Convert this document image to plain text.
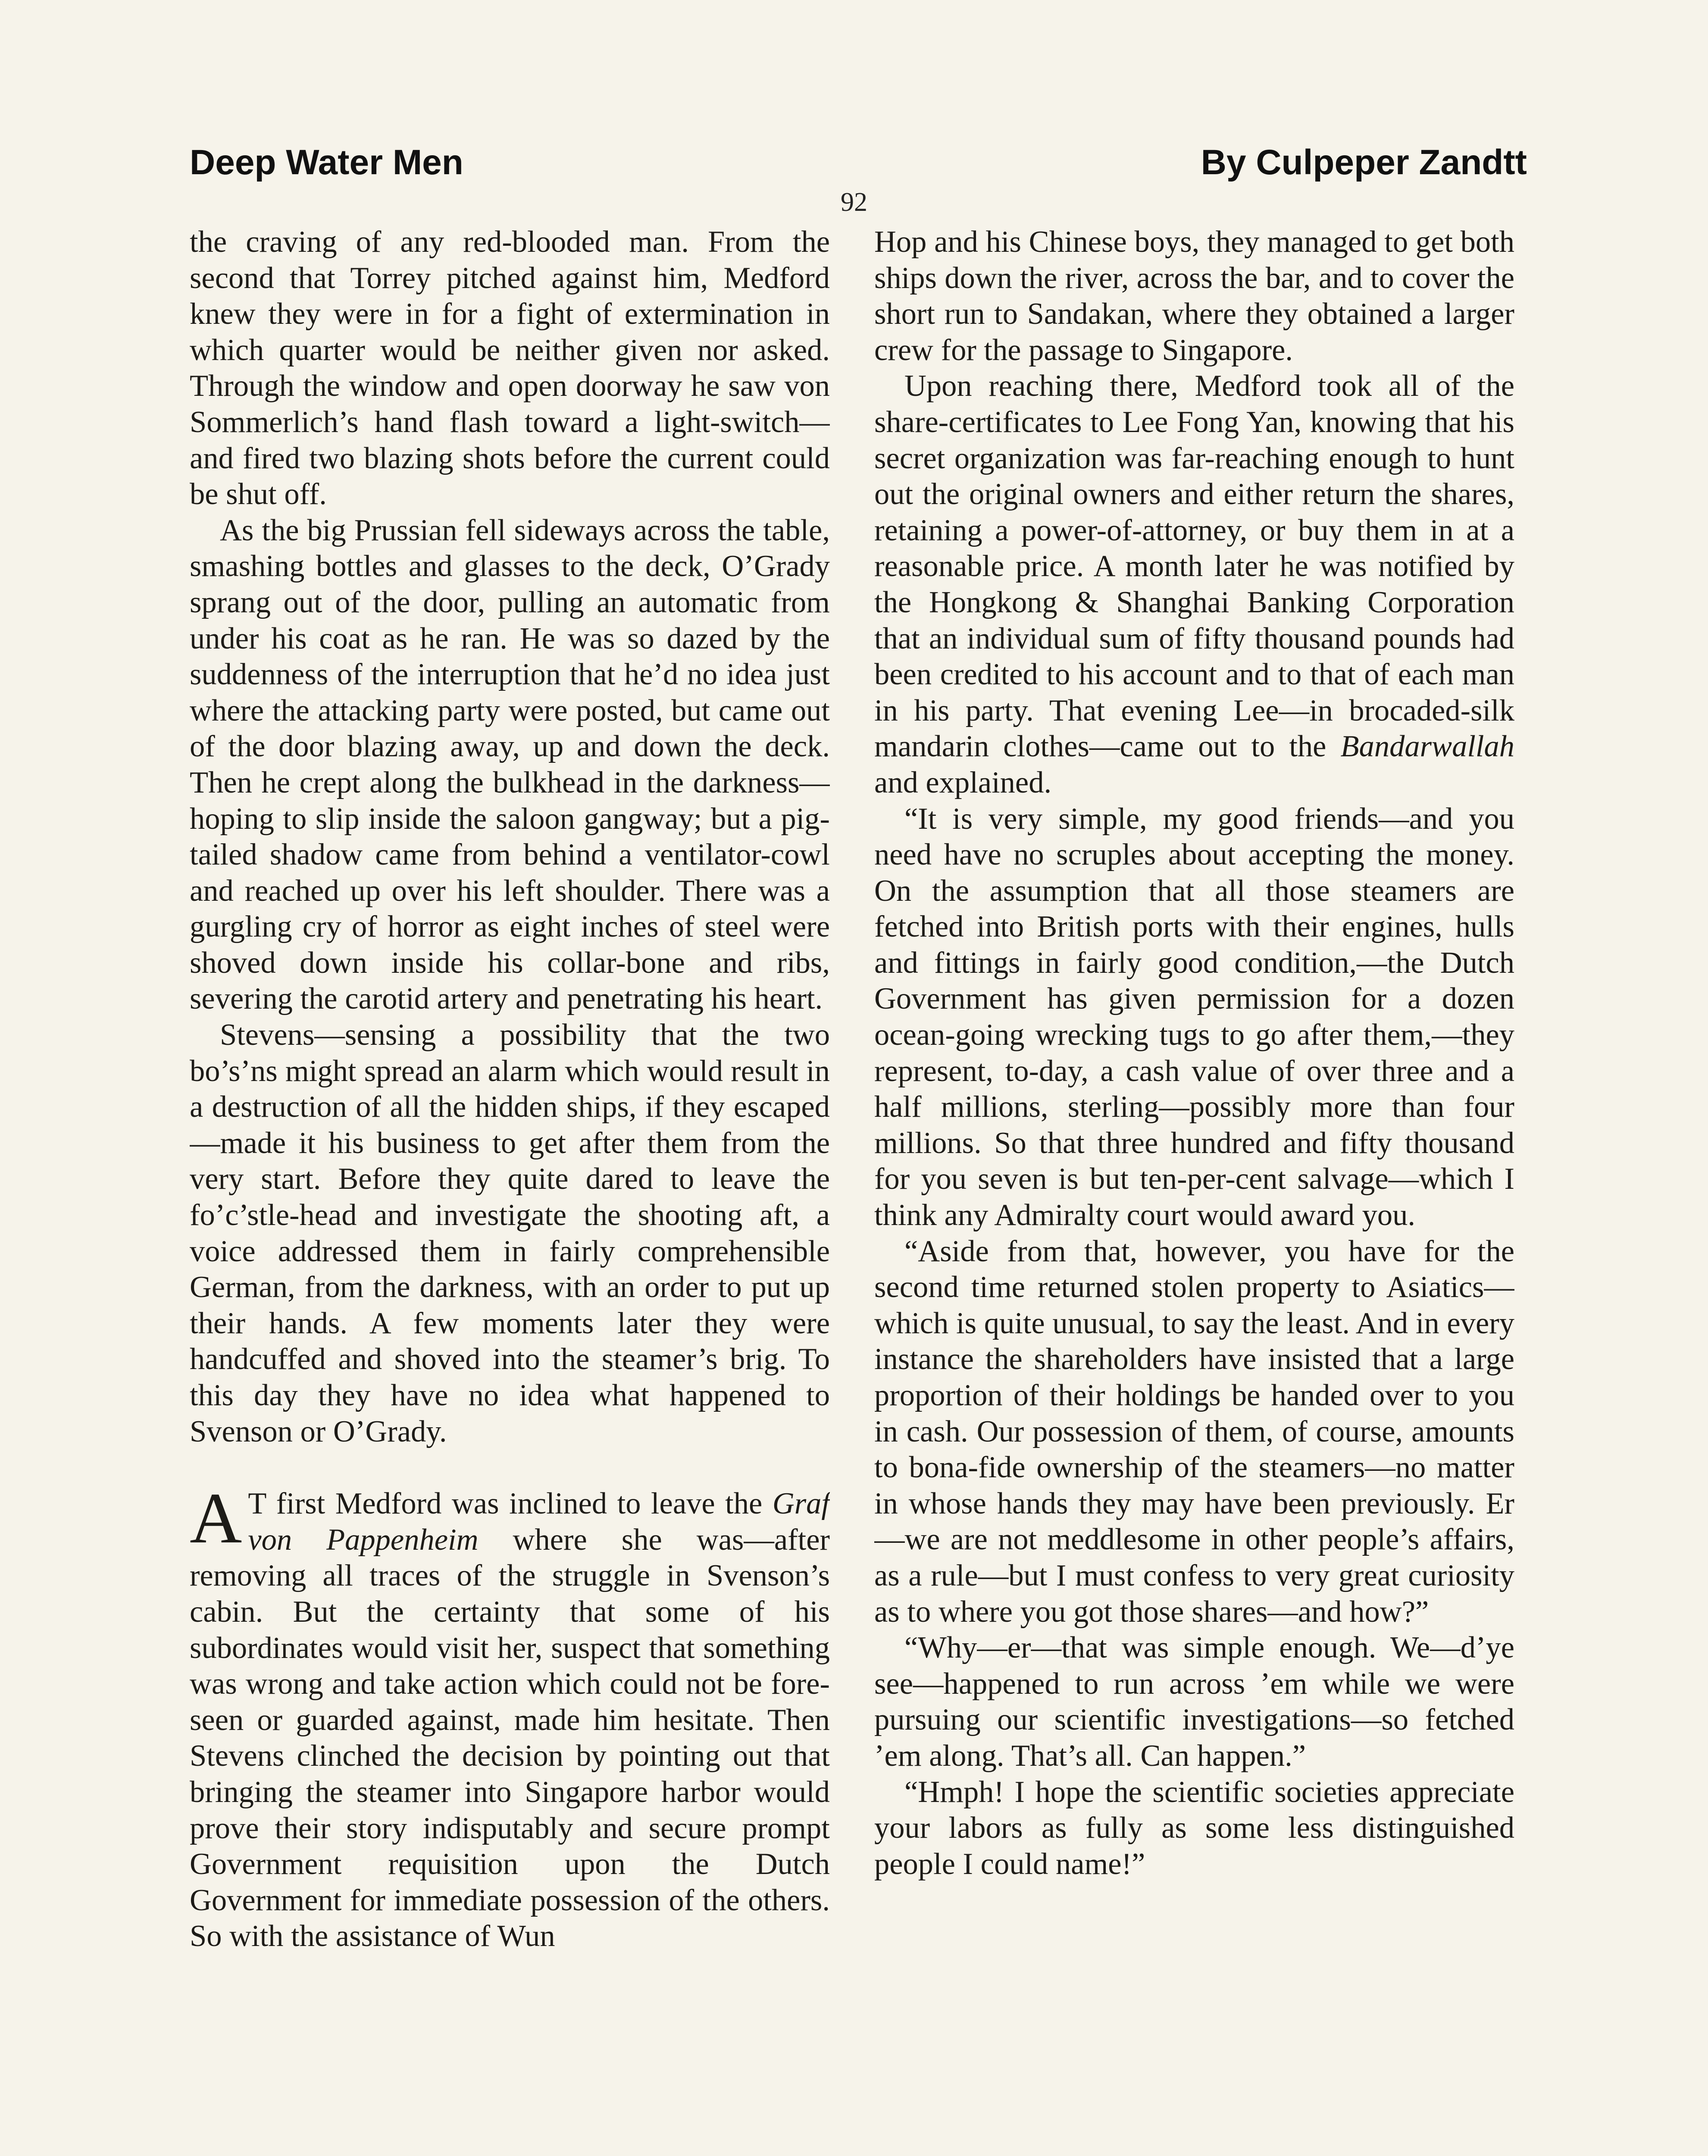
Deep Water Men	By Culpeper Zandtt
92

the craving of any red-blooded man. From the second that Torrey pitched against him, Medford knew they were in for a fight of extermination in which quarter would be neither given nor asked. Through the window and open doorway he saw von Sommerlich’s hand flash toward a light-switch—and fired two blazing shots before the current could be shut off.

As the big Prussian fell sideways across the table, smashing bottles and glasses to the deck, O’Grady sprang out of the door, pulling an automatic from under his coat as he ran. He was so dazed by the suddenness of the interruption that he’d no idea just where the attacking party were posted, but came out of the door blazing away, up and down the deck. Then he crept along the bulkhead in the darkness—hoping to slip inside the saloon gangway; but a pig-tailed shadow came from behind a ventilator-cowl and reached up over his left shoulder. There was a gurgling cry of horror as eight inches of steel were shoved down inside his collar-bone and ribs, severing the carotid artery and penetrating his heart.

Stevens—sensing a possibility that the two bo’s’ns might spread an alarm which would result in a destruction of all the hidden ships, if they escaped—made it his business to get after them from the very start. Before they quite dared to leave the fo’c’stle-head and investigate the shooting aft, a voice addressed them in fairly comprehensible German, from the darkness, with an order to put up their hands. A few moments later they were handcuffed and shoved into the steamer’s brig. To this day they have no idea what happened to Svenson or O’Grady.

A T first Medford was inclined to leave the Graf von Pappenheim where she was—after removing all traces of the struggle in Svenson’s cabin. But the certainty that some of his subordinates would visit her, suspect that something was wrong and take action which could not be foreseen or guarded against, made him hesitate. Then Stevens clinched the decision by pointing out that bringing the steamer into Singapore harbor would prove their story indisputably and secure prompt Government requisition upon the Dutch Government for immediate possession of the others. So with the assistance of Wun

Hop and his Chinese boys, they managed to get both ships down the river, across the bar, and to cover the short run to Sandakan, where they obtained a larger crew for the passage to Singapore.

Upon reaching there, Medford took all of the share-certificates to Lee Fong Yan, knowing that his secret organization was far-reaching enough to hunt out the original owners and either return the shares, retaining a power-of-attorney, or buy them in at a reasonable price. A month later he was notified by the Hongkong & Shanghai Banking Corporation that an individual sum of fifty thousand pounds had been credited to his account and to that of each man in his party. That evening Lee—in brocaded-silk mandarin clothes—came out to the Bandarwallah and explained.

“It is very simple, my good friends—and you need have no scruples about accepting the money. On the assumption that all those steamers are fetched into British ports with their engines, hulls and fittings in fairly good condition,—the Dutch Government has given permission for a dozen ocean-going wrecking tugs to go after them,—they represent, to-day, a cash value of over three and a half millions, sterling—possibly more than four millions. So that three hundred and fifty thousand for you seven is but ten-per-cent salvage—which I think any Admiralty court would award you.

“Aside from that, however, you have for the second time returned stolen property to Asiatics—which is quite unusual, to say the least. And in every instance the shareholders have insisted that a large proportion of their holdings be handed over to you in cash. Our possession of them, of course, amounts to bona-fide ownership of the steamers—no matter in whose hands they may have been previously. Er—we are not meddlesome in other people’s affairs, as a rule—but I must confess to very great curiosity as to where you got those shares—and how?”

“Why—er—that was simple enough. We—d’ye see—happened to run across ’em while we were pursuing our scientific investigations—so fetched ’em along. That’s all. Can happen.”

“Hmph! I hope the scientific societies appreciate your labors as fully as some less distinguished people I could name!”
